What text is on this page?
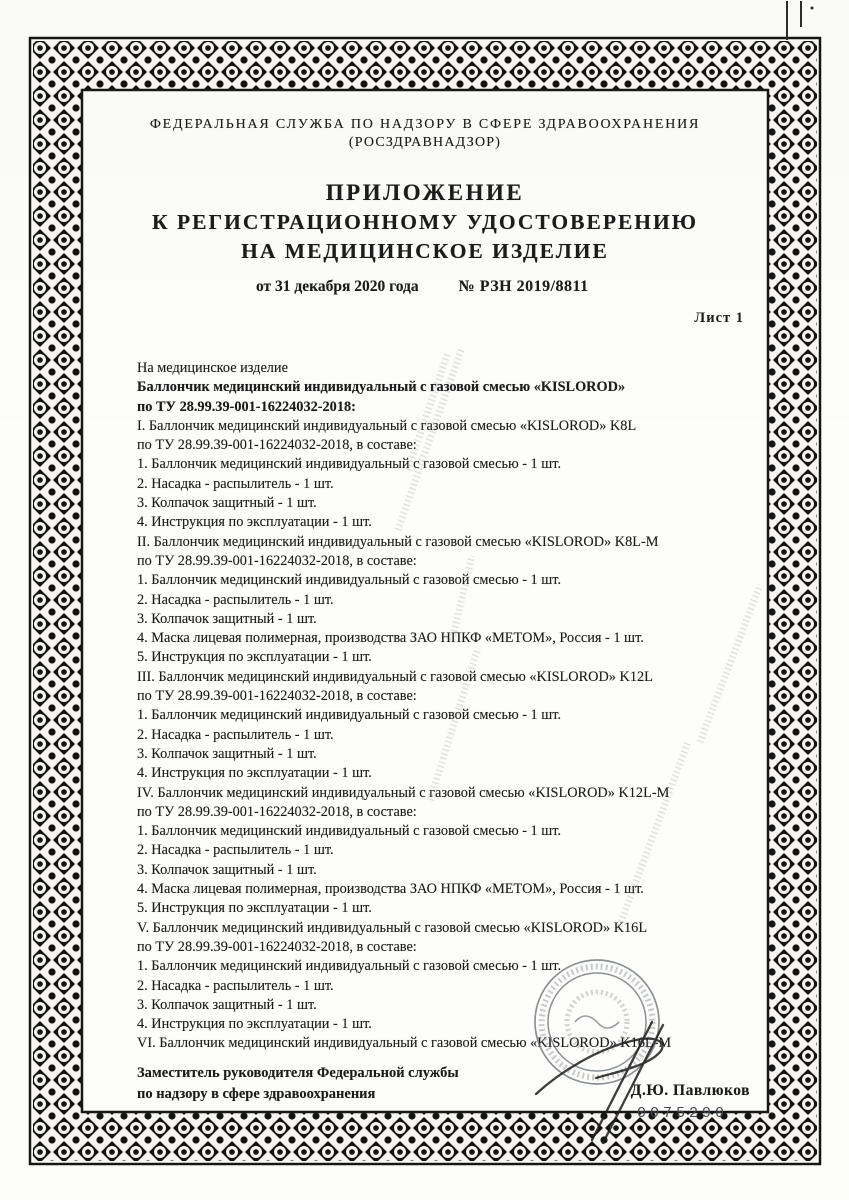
ФЕДЕРАЛЬНАЯ СЛУЖБА ПО НАДЗОРУ В СФЕРЕ ЗДРАВООХРАНЕНИЯ
(РОСЗДРАВНАДЗОР)
ПРИЛОЖЕНИЕ
К РЕГИСТРАЦИОННОМУ УДОСТОВЕРЕНИЮ
НА МЕДИЦИНСКОЕ ИЗДЕЛИЕ
от 31 декабря 2020 года	№ РЗН 2019/8811
Лист 1
На медицинское изделие
Баллончик медицинский индивидуальный с газовой смесью «KISLOROD»
по ТУ 28.99.39-001-16224032-2018:
I. Баллончик медицинский индивидуальный с газовой смесью «KISLOROD» K8L
по ТУ 28.99.39-001-16224032-2018, в составе:
1. Баллончик медицинский индивидуальный с газовой смесью - 1 шт.
2. Насадка - распылитель - 1 шт.
3. Колпачок защитный - 1 шт.
4. Инструкция по эксплуатации - 1 шт.
II. Баллончик медицинский индивидуальный с газовой смесью «KISLOROD» K8L-M
по ТУ 28.99.39-001-16224032-2018, в составе:
1. Баллончик медицинский индивидуальный с газовой смесью - 1 шт.
2. Насадка - распылитель - 1 шт.
3. Колпачок защитный - 1 шт.
4. Маска лицевая полимерная, производства ЗАО НПКФ «МЕТОМ», Россия - 1 шт.
5. Инструкция по эксплуатации - 1 шт.
III. Баллончик медицинский индивидуальный с газовой смесью «KISLOROD» K12L
по ТУ 28.99.39-001-16224032-2018, в составе:
1. Баллончик медицинский индивидуальный с газовой смесью - 1 шт.
2. Насадка - распылитель - 1 шт.
3. Колпачок защитный - 1 шт.
4. Инструкция по эксплуатации - 1 шт.
IV. Баллончик медицинский индивидуальный с газовой смесью «KISLOROD» K12L-M
по ТУ 28.99.39-001-16224032-2018, в составе:
1. Баллончик медицинский индивидуальный с газовой смесью - 1 шт.
2. Насадка - распылитель - 1 шт.
3. Колпачок защитный - 1 шт.
4. Маска лицевая полимерная, производства ЗАО НПКФ «МЕТОМ», Россия - 1 шт.
5. Инструкция по эксплуатации - 1 шт.
V. Баллончик медицинский индивидуальный с газовой смесью «KISLOROD» K16L
по ТУ 28.99.39-001-16224032-2018, в составе:
1. Баллончик медицинский индивидуальный с газовой смесью - 1 шт.
2. Насадка - распылитель - 1 шт.
3. Колпачок защитный - 1 шт.
4. Инструкция по эксплуатации - 1 шт.
VI. Баллончик медицинский индивидуальный с газовой смесью «KISLOROD» K16L-M
Заместитель руководителя Федеральной службы
по надзору в сфере здравоохранения	Д.Ю. Павлюков
0075290
